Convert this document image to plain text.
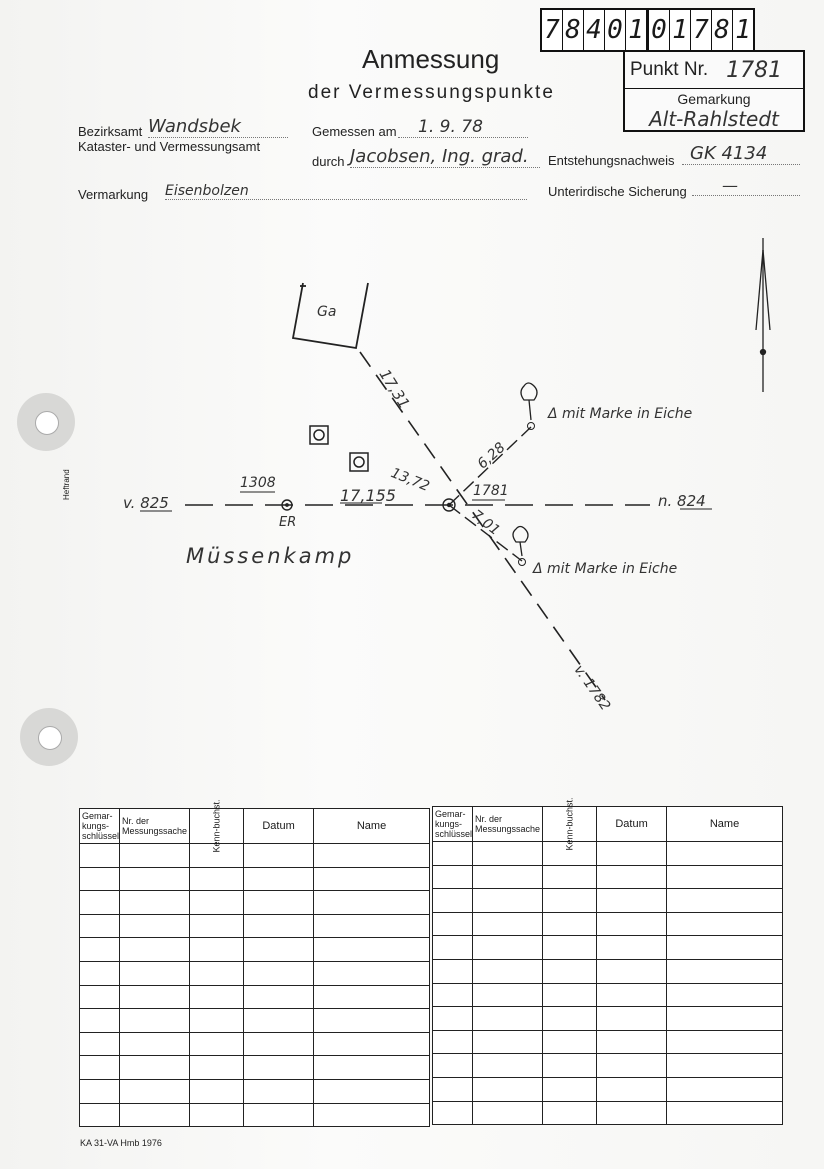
Heftrand
7 8 4 0 1 0 1 7 8 1
Punkt Nr. 1781
Gemarkung
Alt-Rahlstedt
Anmessung
der Vermessungspunkte
Bezirksamt Wandsbek
Kataster- und Vermessungsamt
Gemessen am	1. 9. 78
durch Jacobsen, Ing. grad.	Entstehungsnachweis GK 4134
Vermarkung Eisenbolzen	Unterirdische Sicherung	—
Ga
17,31
6,28
13,72
1308	1781
v. 825	17,155	n. 824
ER	7,01
Müssenkamp
Δ mit Marke in Eiche
Δ mit Marke in Eiche
v. 1782
Gemar-kungs-schlüssel	Nr. der Messungssache	Kenn-buchst.	Datum	Name

Gemar-kungs-schlüssel	Nr. der Messungssache	Kenn-buchst.	Datum	Name

KA 31-VA Hmb 1976
